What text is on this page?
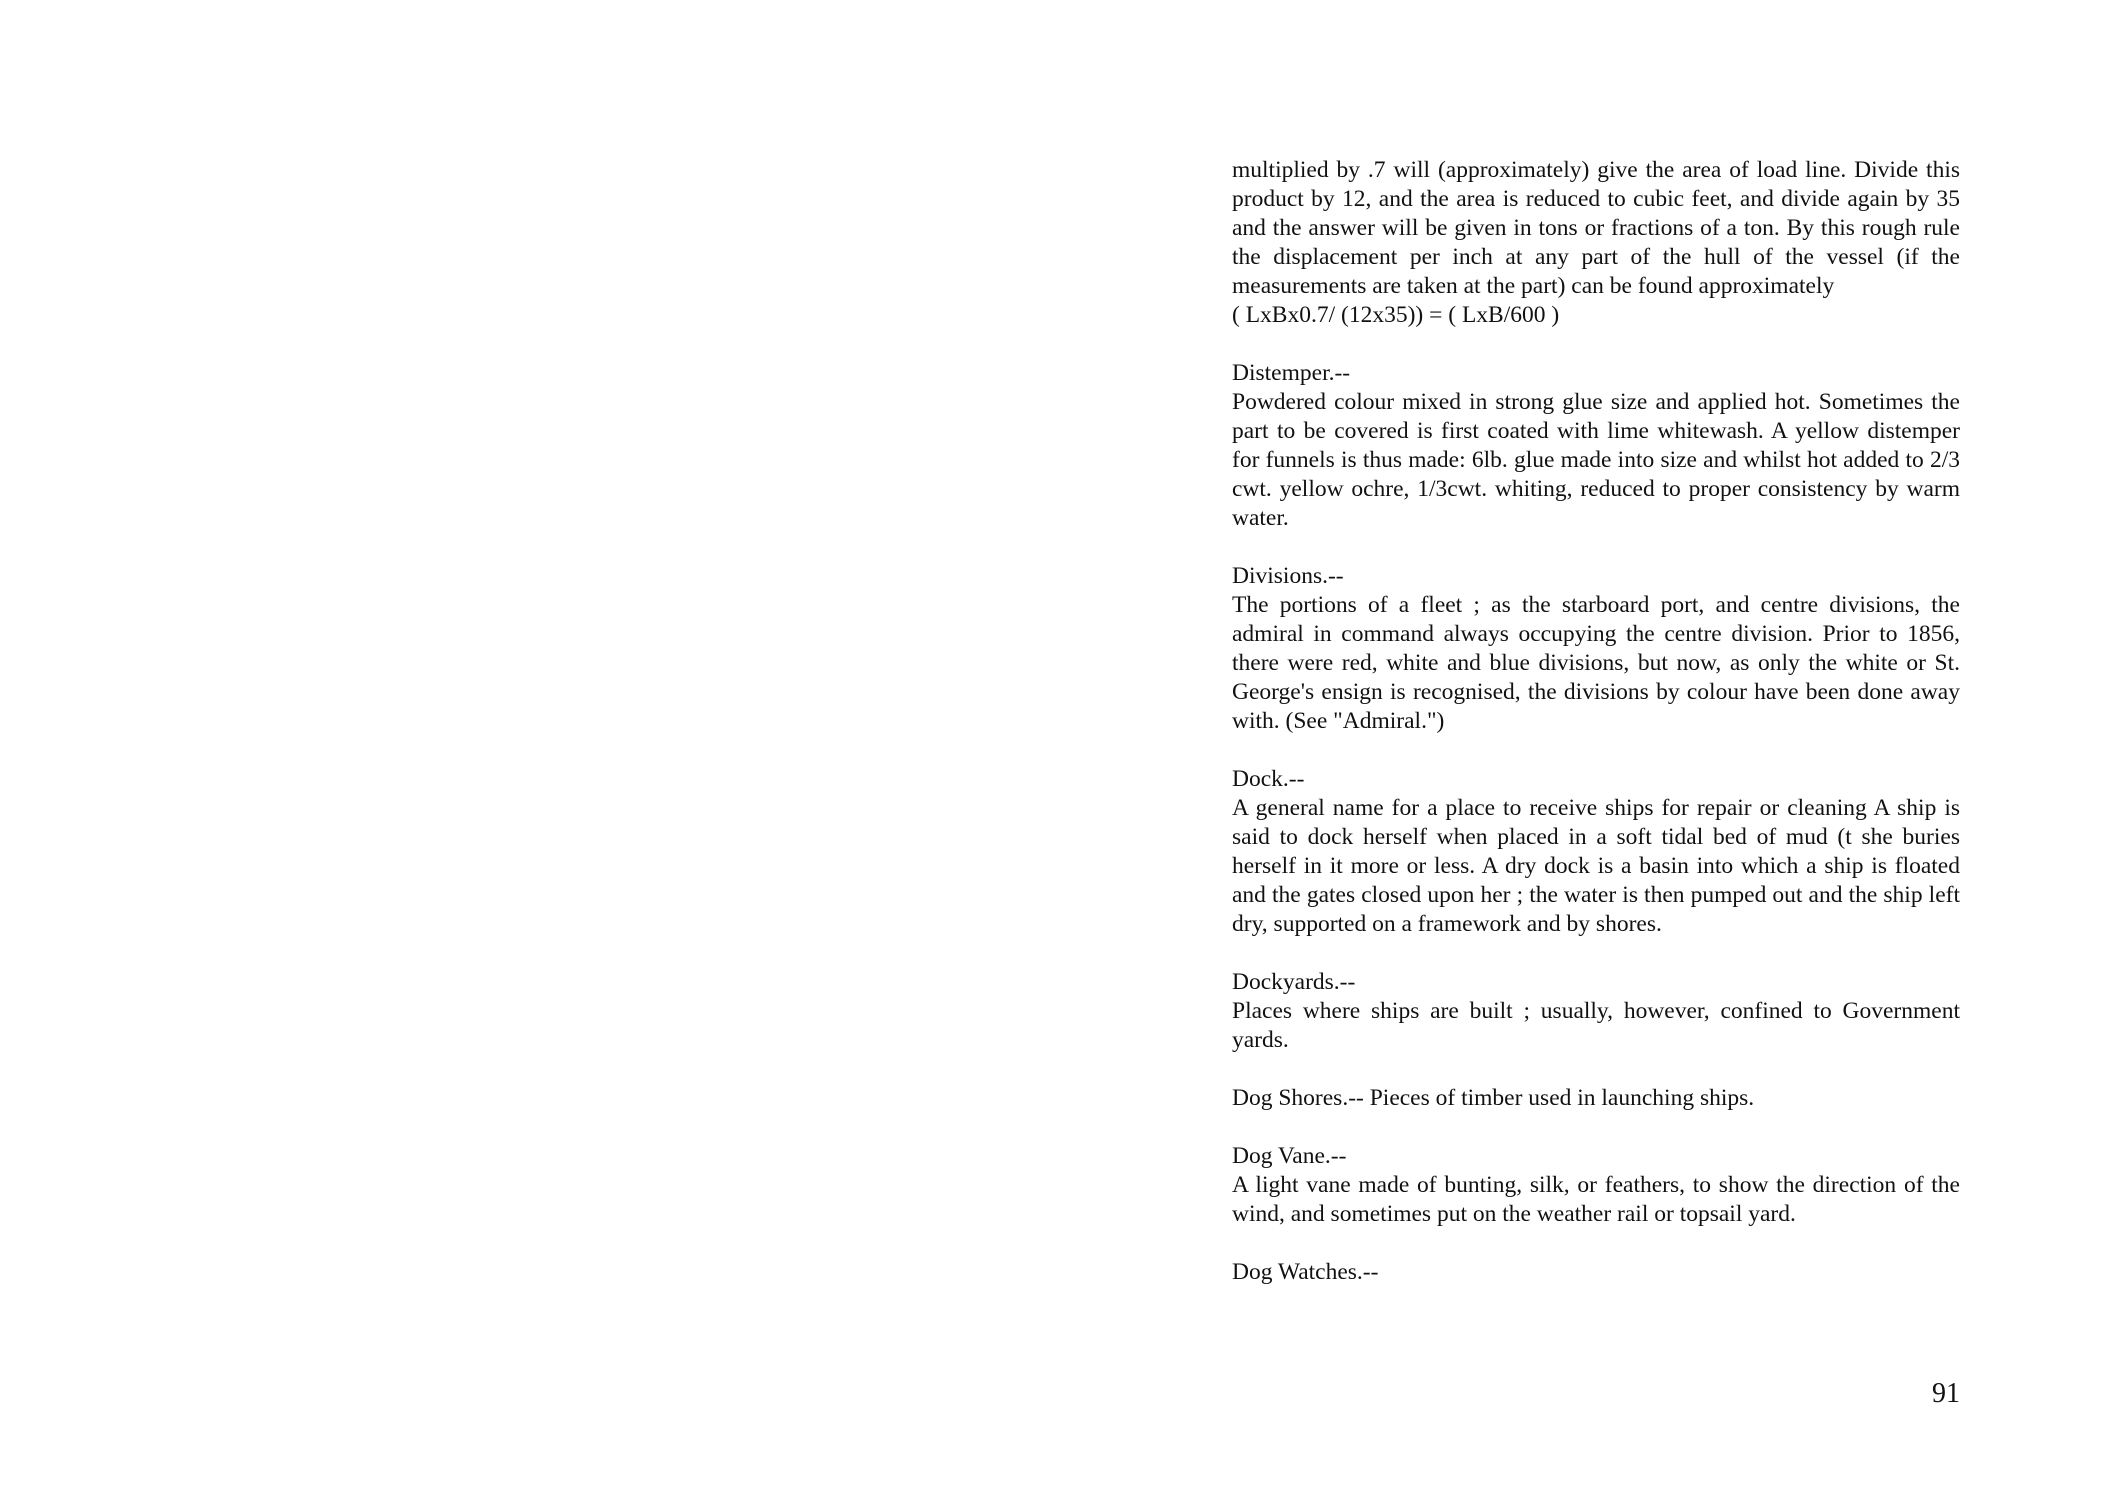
multiplied by .7 will (approximately) give the area of load line. Divide this product by 12, and the area is reduced to cubic feet, and divide again by 35 and the answer will be given in tons or fractions of a ton. By this rough rule the displacement per inch at any part of the hull of the vessel (if the measurements are taken at the part) can be found approximately

( LxBx0.7/ (12x35)) = ( LxB/600 )

Distemper.--

Powdered colour mixed in strong glue size and applied hot. Sometimes the part to be covered is first coated with lime whitewash. A yellow distemper for funnels is thus made: 6lb. glue made into size and whilst hot added to 2/3 cwt. yellow ochre, 1/3cwt. whiting, reduced to proper consistency by warm water.

Divisions.--

The portions of a fleet ; as the starboard port, and centre divisions, the admiral in command always occupying the centre division. Prior to 1856, there were red, white and blue divisions, but now, as only the white or St. George's ensign is recognised, the divisions by colour have been done away with. (See "Admiral.")

Dock.--

A general name for a place to receive ships for repair or cleaning A ship is said to dock herself when placed in a soft tidal bed of mud (t she buries herself in it more or less. A dry dock is a basin into which a ship is floated and the gates closed upon her ; the water is then pumped out and the ship left dry, supported on a framework and by shores.

Dockyards.--

Places where ships are built ; usually, however, confined to Government yards.

Dog Shores.-- Pieces of timber used in launching ships.

Dog Vane.--

A light vane made of bunting, silk, or feathers, to show the direction of the wind, and sometimes put on the weather rail or topsail yard.

Dog Watches.--

91
